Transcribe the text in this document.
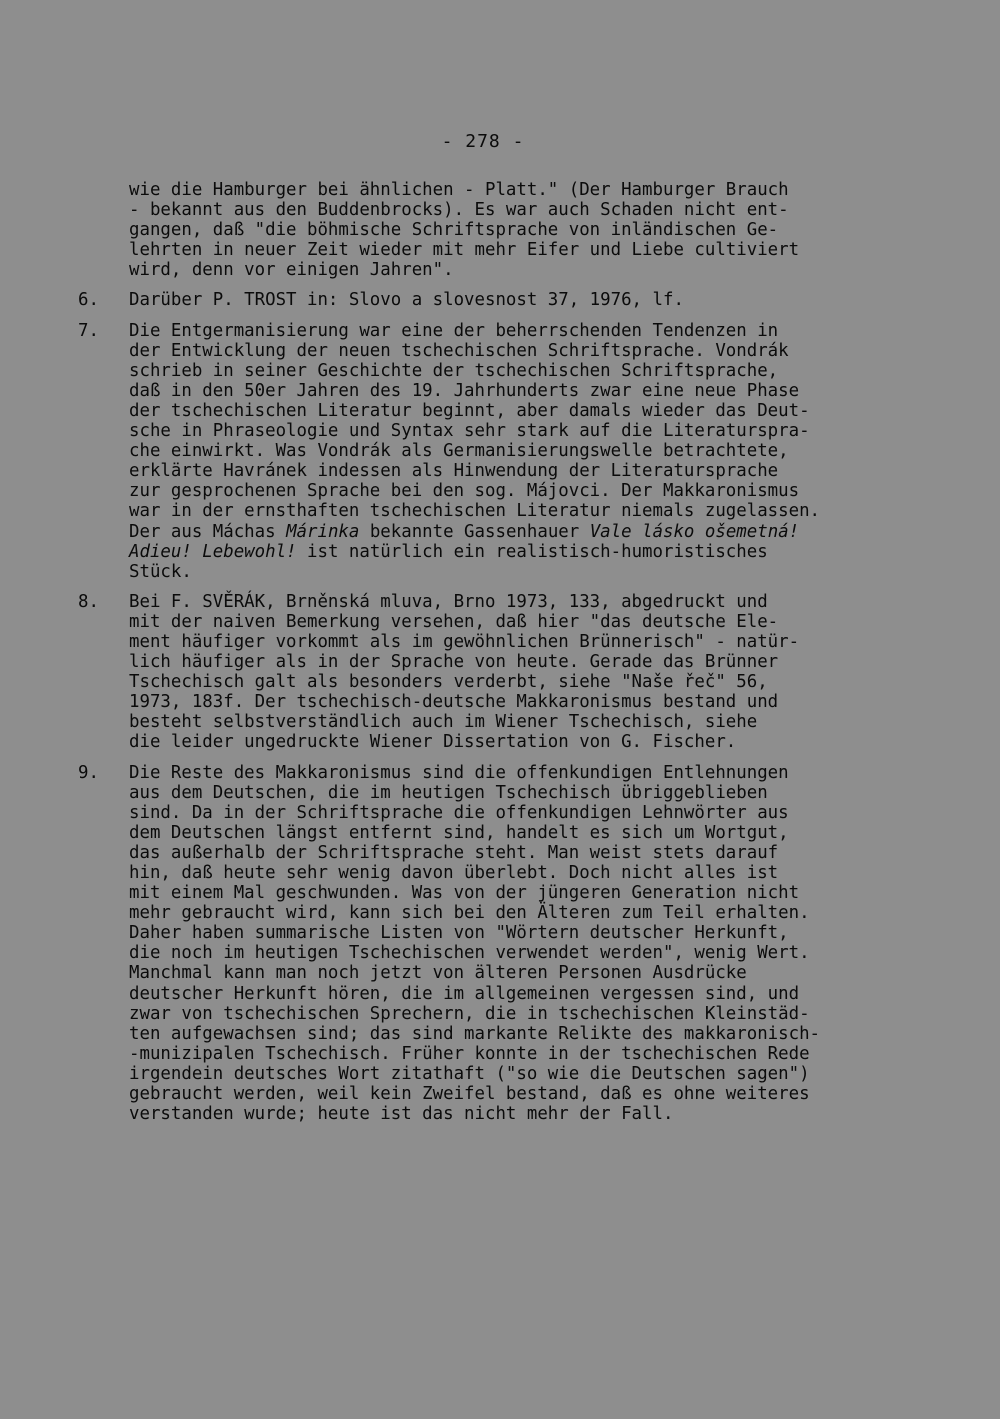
- 278 -
wie die Hamburger bei ähnlichen - Platt." (Der Hamburger Brauch
- bekannt aus den Buddenbrocks). Es war auch Schaden nicht ent-
gangen, daß "die böhmische Schriftsprache von inländischen Ge-
lehrten in neuer Zeit wieder mit mehr Eifer und Liebe cultiviert
wird, denn vor einigen Jahren".
6. Darüber P. TROST in: Slovo a slovesnost 37, 1976, lf.
7. Die Entgermanisierung war eine der beherrschenden Tendenzen in
der Entwicklung der neuen tschechischen Schriftsprache. Vondrák
schrieb in seiner Geschichte der tschechischen Schriftsprache,
daß in den 50er Jahren des 19. Jahrhunderts zwar eine neue Phase
der tschechischen Literatur beginnt, aber damals wieder das Deut-
sche in Phraseologie und Syntax sehr stark auf die Literaturspra-
che einwirkt. Was Vondrák als Germanisierungswelle betrachtete,
erklärte Havránek indessen als Hinwendung der Literatursprache
zur gesprochenen Sprache bei den sog. Májovci. Der Makkaronismus
war in der ernsthaften tschechischen Literatur niemals zugelassen.
Der aus Máchas Márinka bekannte Gassenhauer Vale lásko ošemetná!
Adieu! Lebewohl! ist natürlich ein realistisch-humoristisches
Stück.
8. Bei F. SVĚRÁK, Brněnská mluva, Brno 1973, 133, abgedruckt und
mit der naiven Bemerkung versehen, daß hier "das deutsche Ele-
ment häufiger vorkommt als im gewöhnlichen Brünnerisch" - natür-
lich häufiger als in der Sprache von heute. Gerade das Brünner
Tschechisch galt als besonders verderbt, siehe "Naše řeč" 56,
1973, 183f. Der tschechisch-deutsche Makkaronismus bestand und
besteht selbstverständlich auch im Wiener Tschechisch, siehe
die leider ungedruckte Wiener Dissertation von G. Fischer.
9. Die Reste des Makkaronismus sind die offenkundigen Entlehnungen
aus dem Deutschen, die im heutigen Tschechisch übriggeblieben
sind. Da in der Schriftsprache die offenkundigen Lehnwörter aus
dem Deutschen längst entfernt sind, handelt es sich um Wortgut,
das außerhalb der Schriftsprache steht. Man weist stets darauf
hin, daß heute sehr wenig davon überlebt. Doch nicht alles ist
mit einem Mal geschwunden. Was von der jüngeren Generation nicht
mehr gebraucht wird, kann sich bei den Älteren zum Teil erhalten.
Daher haben summarische Listen von "Wörtern deutscher Herkunft,
die noch im heutigen Tschechischen verwendet werden", wenig Wert.
Manchmal kann man noch jetzt von älteren Personen Ausdrücke
deutscher Herkunft hören, die im allgemeinen vergessen sind, und
zwar von tschechischen Sprechern, die in tschechischen Kleinstäd-
ten aufgewachsen sind; das sind markante Relikte des makkaronisch-
-munizipalen Tschechisch. Früher konnte in der tschechischen Rede
irgendein deutsches Wort zitathaft ("so wie die Deutschen sagen")
gebraucht werden, weil kein Zweifel bestand, daß es ohne weiteres
verstanden wurde; heute ist das nicht mehr der Fall.
